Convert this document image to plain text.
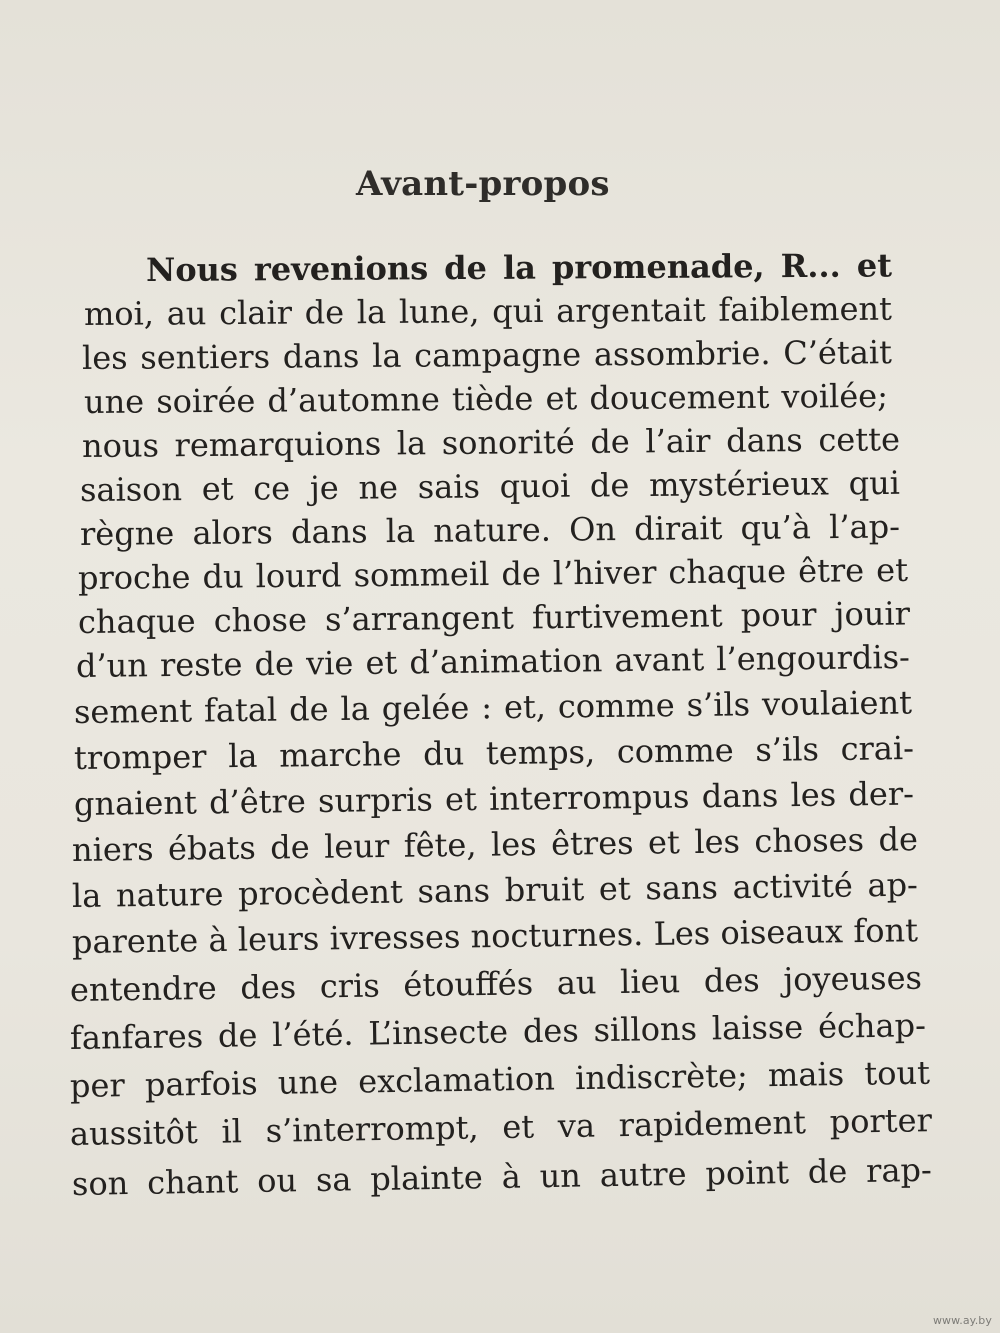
Avant-propos
Nous revenions de la promenade, R... et
moi, au clair de la lune, qui argentait faiblement
les sentiers dans la campagne assombrie. C’était
une soirée d’automne tiède et doucement voilée;
nous remarquions la sonorité de l’air dans cette
saison et ce je ne sais quoi de mystérieux qui
règne alors dans la nature. On dirait qu’à l’ap-
proche du lourd sommeil de l’hiver chaque être et
chaque chose s’arrangent furtivement pour jouir
d’un reste de vie et d’animation avant l’engourdis-
sement fatal de la gelée : et, comme s’ils voulaient
tromper la marche du temps, comme s’ils crai-
gnaient d’être surpris et interrompus dans les der-
niers ébats de leur fête, les êtres et les choses de
la nature procèdent sans bruit et sans activité ap-
parente à leurs ivresses nocturnes. Les oiseaux font
entendre des cris étouffés au lieu des joyeuses
fanfares de l’été. L’insecte des sillons laisse échap-
per parfois une exclamation indiscrète; mais tout
aussitôt il s’interrompt, et va rapidement porter
son chant ou sa plainte à un autre point de rap-
www.ay.by
